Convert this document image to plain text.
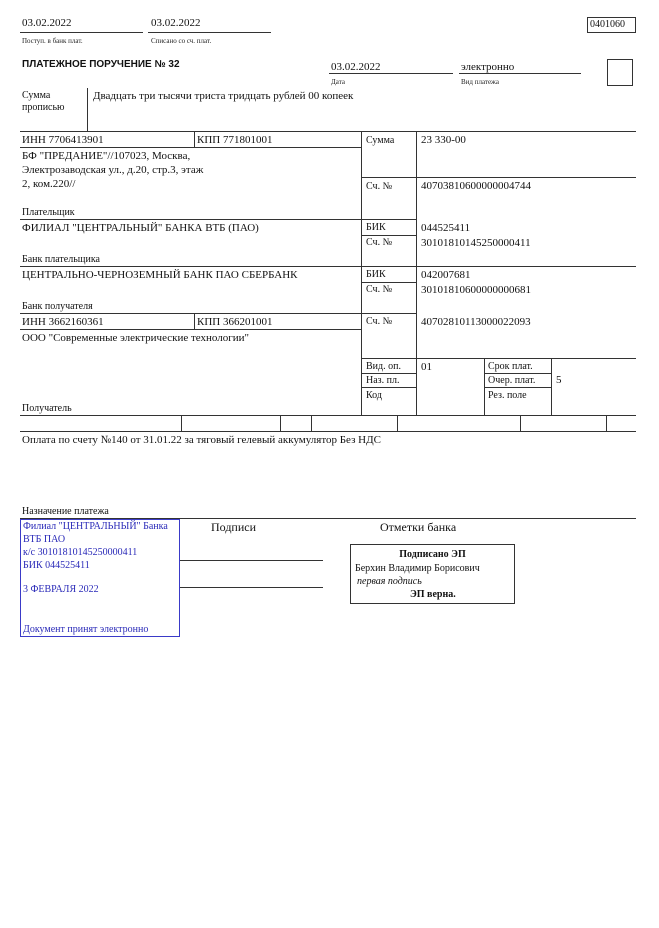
03.02.2022
Поступ. в банк плат.
03.02.2022
Списано со сч. плат.
0401060
ПЛАТЕЖНОЕ ПОРУЧЕНИЕ № 32	03.02.2022
Дата
электронно
Вид платежа
Сумма
прописью
Двадцать три тысячи триста тридцать рублей 00 копеек
ИНН 7706413901	КПП 771801001
БФ "ПРЕДАНИЕ"//107023, Москва,
Электрозаводская ул., д.20, стр.3, этаж
2, ком.220//
Плательщик
Сумма 23 330-00
Сч. №	40703810600000004744
ФИЛИАЛ "ЦЕНТРАЛЬНЫЙ" БАНКА ВТБ (ПАО)
Банк плательщика
БИК	044525411
Сч. №	30101810145250000411
ЦЕНТРАЛЬНО-ЧЕРНОЗЕМНЫЙ БАНК ПАО СБЕРБАНК
Банк получателя
БИК	042007681
Сч. №	30101810600000000681
ИНН 3662160361	КПП 366201001
ООО "Современные электрические технологии"
Получатель
Сч. №	40702810113000022093
Вид. оп. 01
Наз. пл.
Код
Срок плат.
Очер. плат. 5
Рез. поле
Оплата по счету №140 от 31.01.22 за тяговый гелевый аккумулятор Без НДС
Назначение платежа
Филиал "ЦЕНТРАЛЬНЫЙ" Банка
ВТБ ПАО
к/с 30101810145250000411
БИК 044525411
3 ФЕВРАЛЯ 2022
Документ принят электронно
Подписи	Отметки банка
Подписано ЭП
Берхин Владимир Борисович
первая подпись
ЭП верна.
